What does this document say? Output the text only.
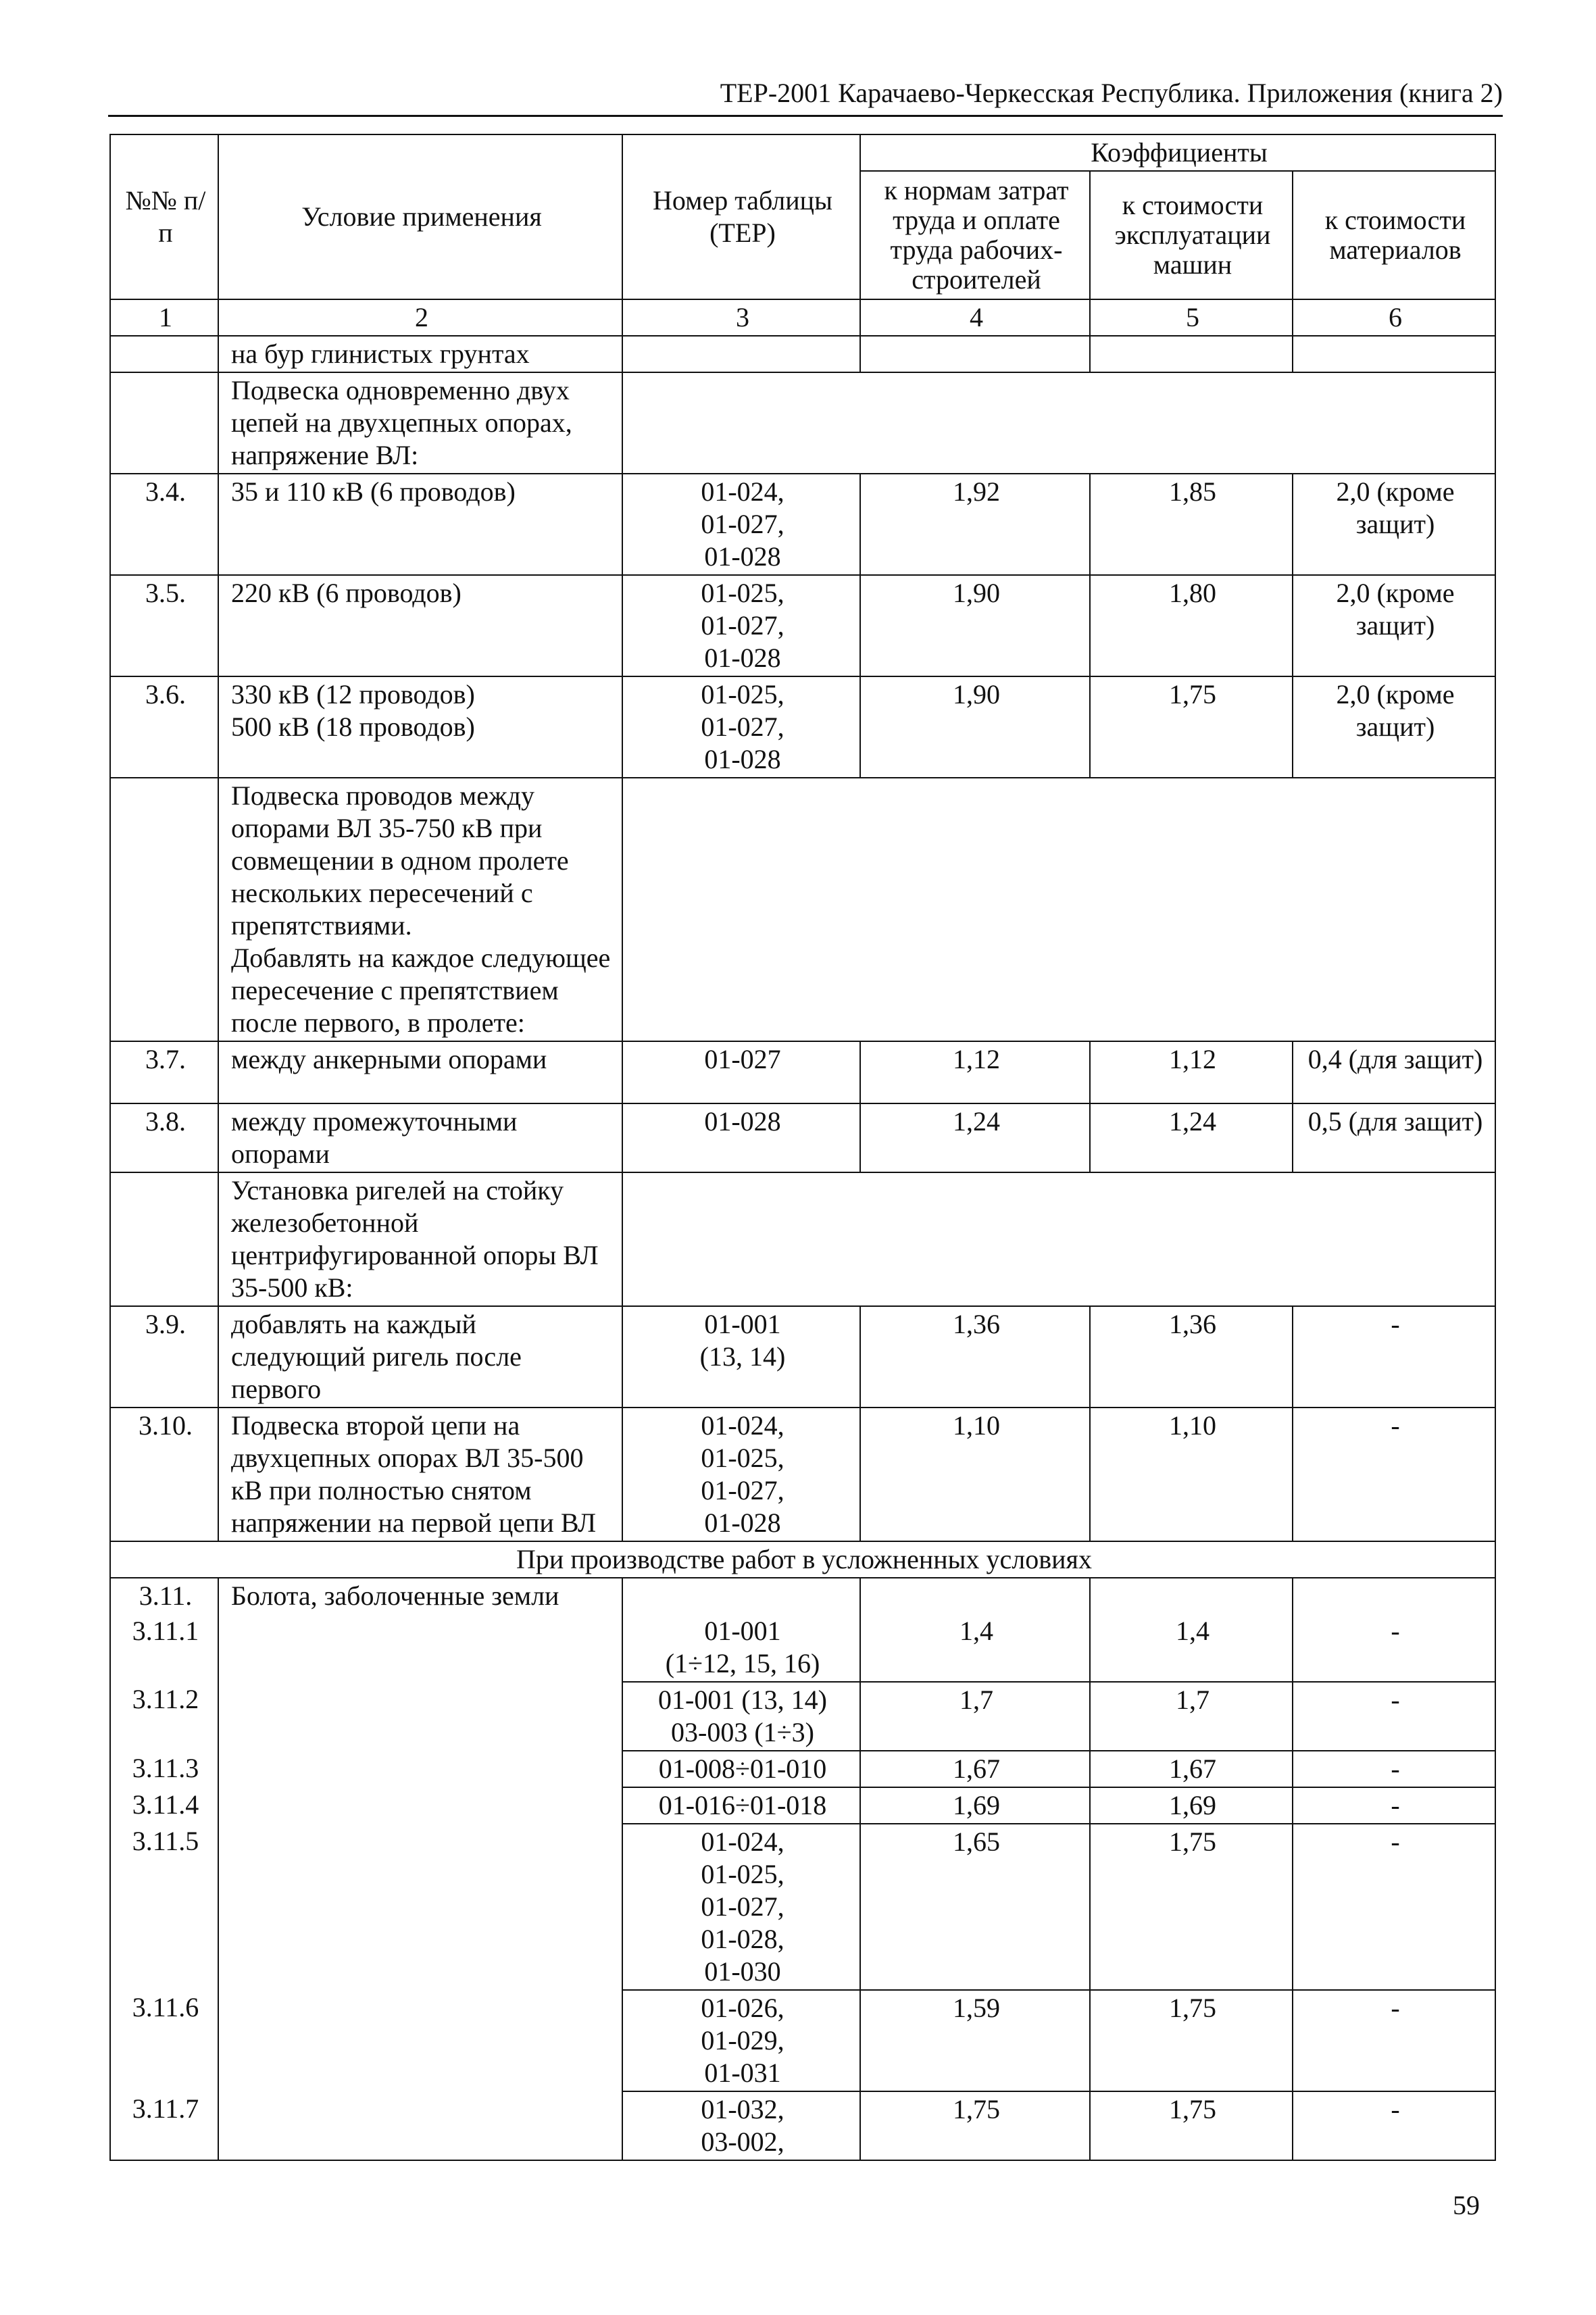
ТЕР-2001 Карачаево-Черкесская Республика. Приложения (книга 2)
№№ п/п	Условие применения	Номер таблицы (ТЕР)	Коэффициенты		
			к нормам затрат труда и оплате труда рабочих-строителей	к стоимости эксплуатации машин	к стоимости материалов
1	2	3	4	5	6
	на бур глинистых грунтах				
	Подвеска одновременно двух цепей на двухцепных опорах, напряжение ВЛ:				
3.4.	35 и 110 кВ (6 проводов)	01-024,
01-027,
01-028	1,92	1,85	2,0 (кроме защит)
3.5.	220 кВ (6 проводов)	01-025,
01-027,
01-028	1,90	1,80	2,0 (кроме защит)
3.6.	330 кВ (12 проводов)
500 кВ (18 проводов)	01-025,
01-027,
01-028	1,90	1,75	2,0 (кроме защит)
	Подвеска проводов между опорами ВЛ 35-750 кВ при совмещении в одном пролете нескольких пересечений с препятствиями.
Добавлять на каждое следующее пересечение с препятствием после первого, в пролете:				
3.7.	между анкерными опорами	01-027	1,12	1,12	0,4 (для защит)
3.8.	между промежуточными опорами	01-028	1,24	1,24	0,5 (для защит)
	Установка ригелей на стойку железобетонной центрифугированной опоры ВЛ 35-500 кВ:				
3.9.	добавлять на каждый следующий ригель после первого	01-001
(13, 14)	1,36	1,36	-
3.10.	Подвеска второй цепи на двухцепных опорах ВЛ 35-500 кВ при полностью снятом напряжении на первой цепи ВЛ	01-024,
01-025,
01-027,
01-028	1,10	1,10	-
При производстве работ в усложненных условиях					
3.11.	Болота, заболоченные земли				
3.11.1		01-001
(1÷12, 15, 16)	1,4	1,4	-
3.11.2		01-001 (13, 14)
03-003 (1÷3)	1,7	1,7	-
3.11.3		01-008÷01-010	1,67	1,67	-
3.11.4		01-016÷01-018	1,69	1,69	-
3.11.5		01-024,
01-025,
01-027,
01-028,
01-030	1,65	1,75	-
3.11.6		01-026,
01-029,
01-031	1,59	1,75	-
3.11.7		01-032,
03-002,	1,75	1,75	-
59
